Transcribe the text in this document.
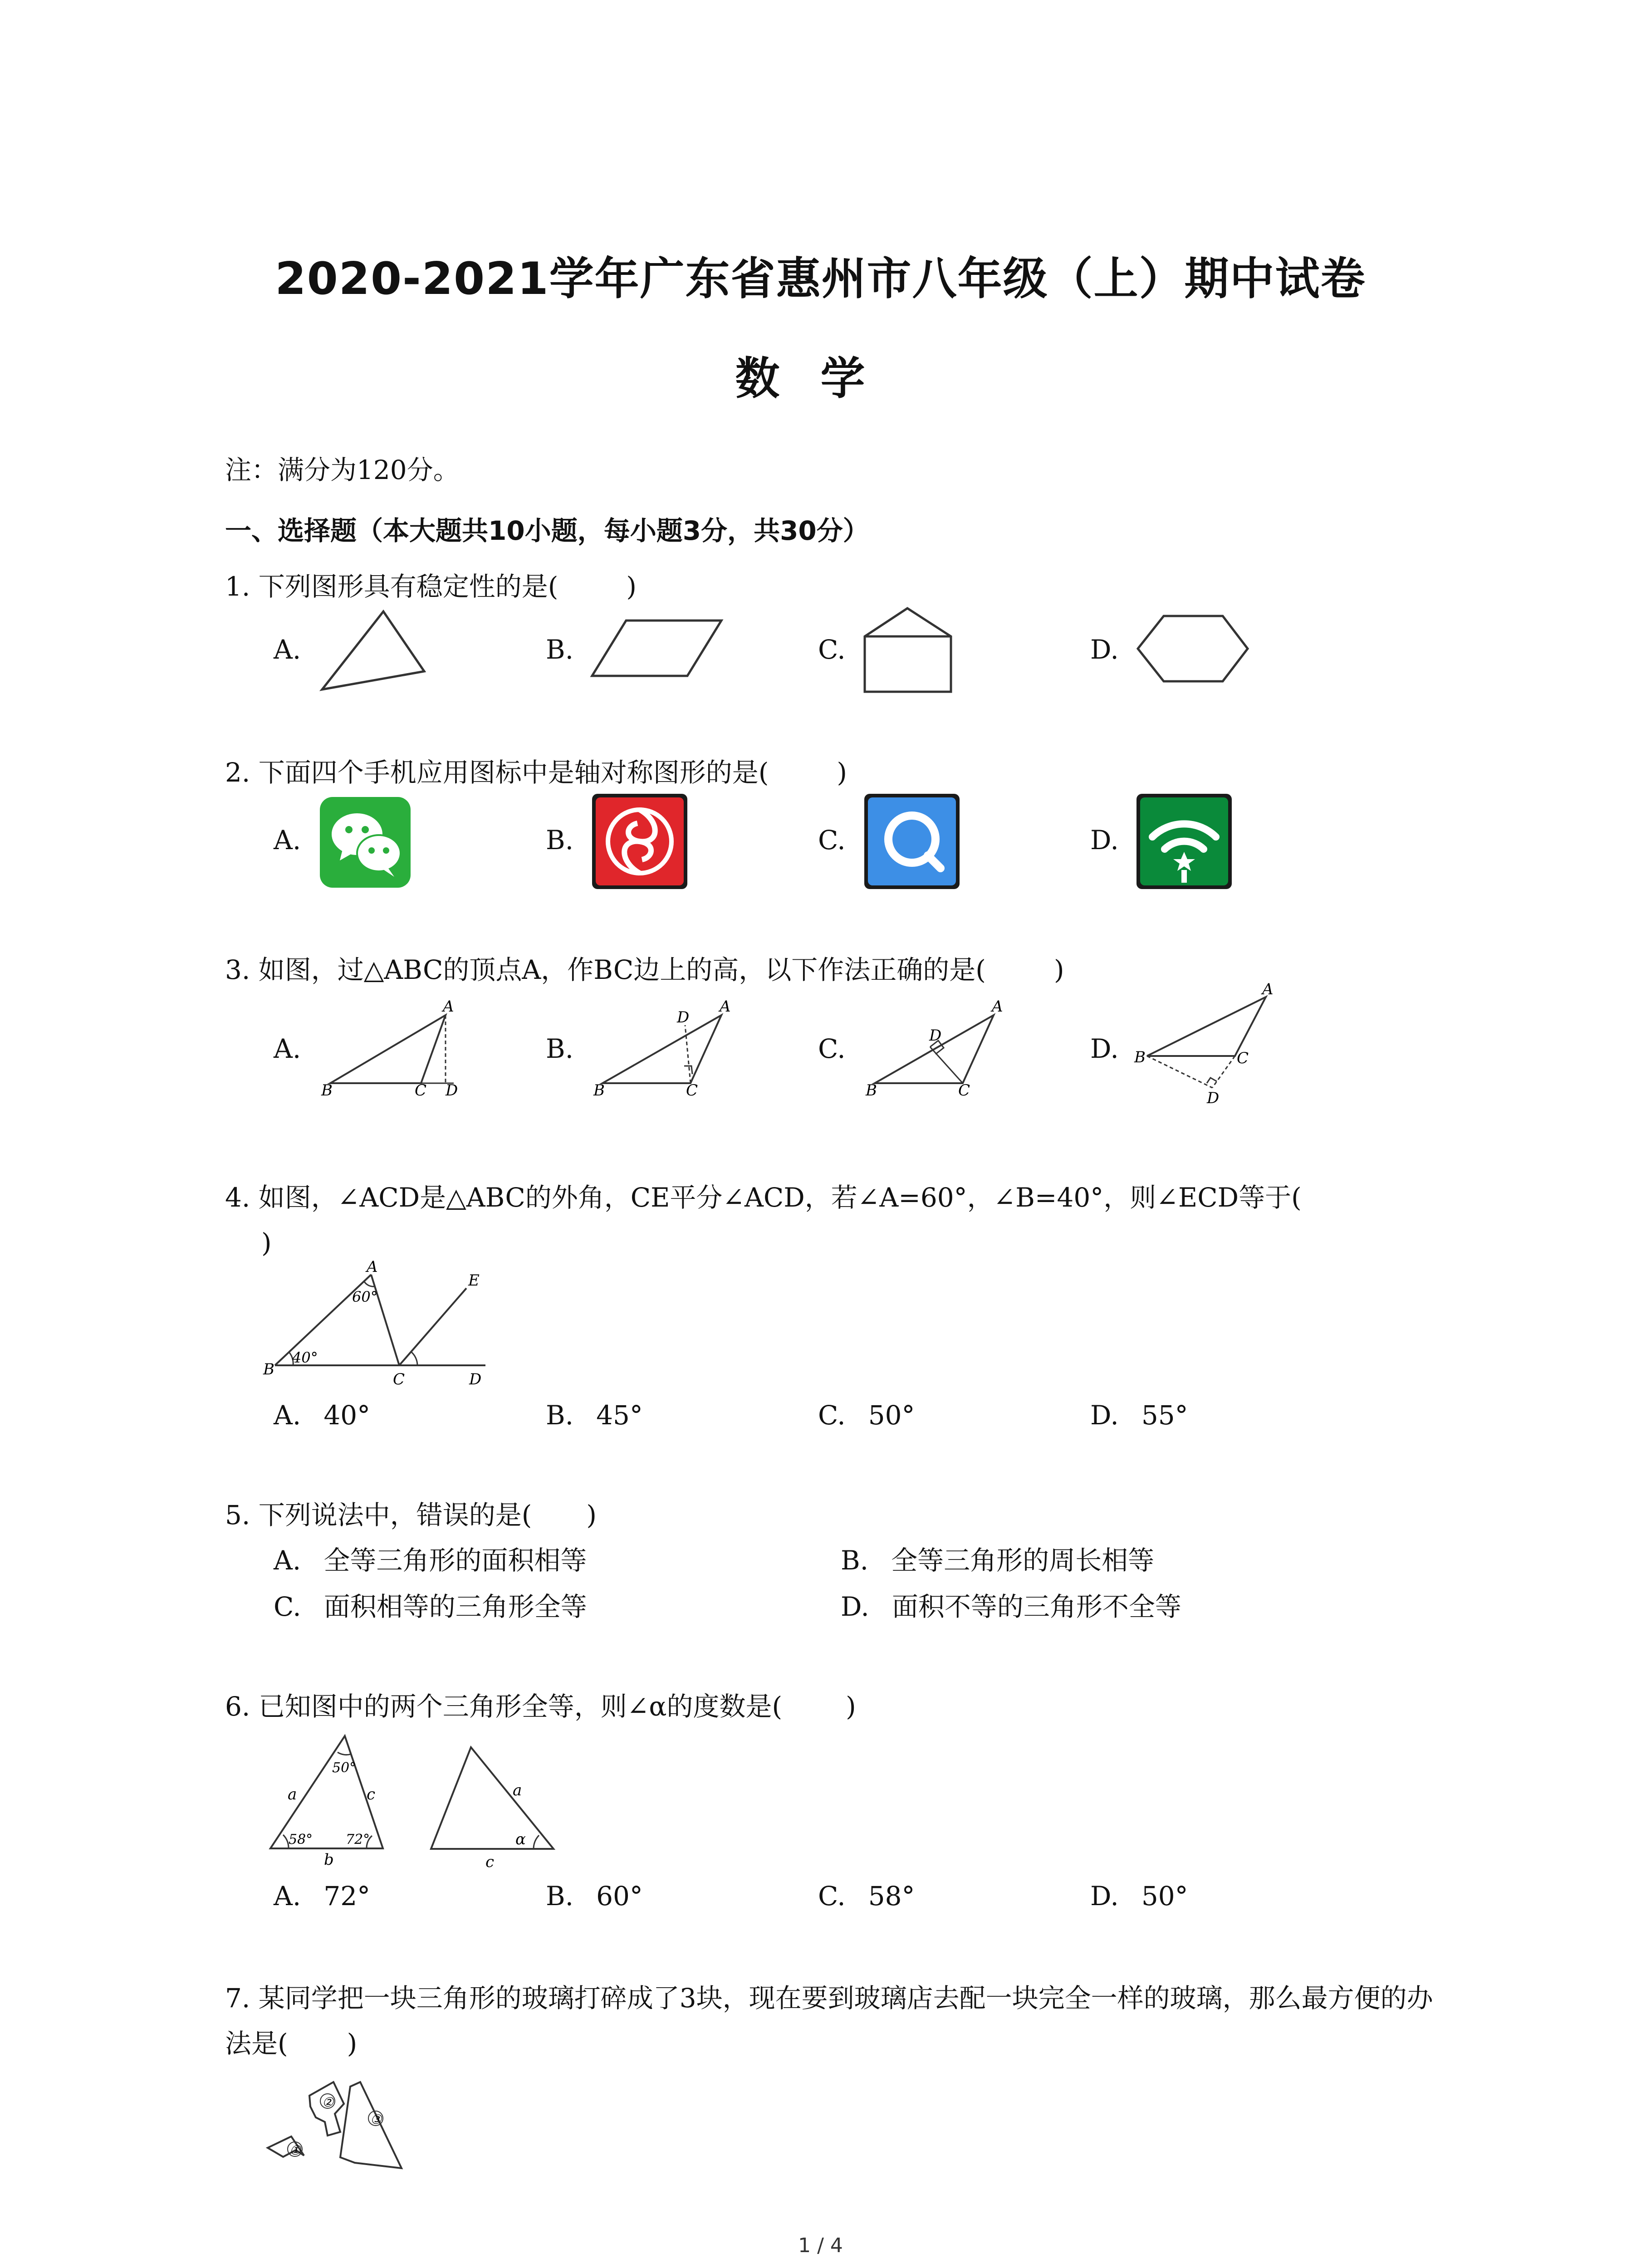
2020-2021学年广东省惠州市八年级（上）期中试卷
数学
注：满分为120分。
一、选择题（本大题共10小题，每小题3分，共30分）
1. 下列图形具有稳定性的是(	)
A.	B.	C.	D.
2. 下面四个手机应用图标中是轴对称图形的是(	)
A.	B.	C.	D.
3. 如图，过△ABC的顶点A，作BC边上的高，以下作法正确的是(	)
A.	B.	C.	D.
B	C D
A
B	C
D
A
B	C
D
A
B	C
D
A
4. 如图，∠ACD是△ABC的外角，CE平分∠ACD，若∠A=60°，∠B=40°，则∠ECD等于(
)
B
C	D
A
E
60°
40°
A. 40°	B. 45°	C. 50°	D. 55°
5. 下列说法中，错误的是( )
A. 全等三角形的面积相等	B. 全等三角形的周长相等
C. 面积相等的三角形全等	D. 面积不等的三角形不全等
6. 已知图中的两个三角形全等，则∠α的度数是( )
50°
58° 72°
a	c
b
a
c
α
A. 72°	B. 60°	C. 58°	D. 50°
7. 某同学把一块三角形的玻璃打碎成了3块，现在要到玻璃店去配一块完全一样的玻璃，那么最方便的办法是( )
①
②
③
1 / 4
